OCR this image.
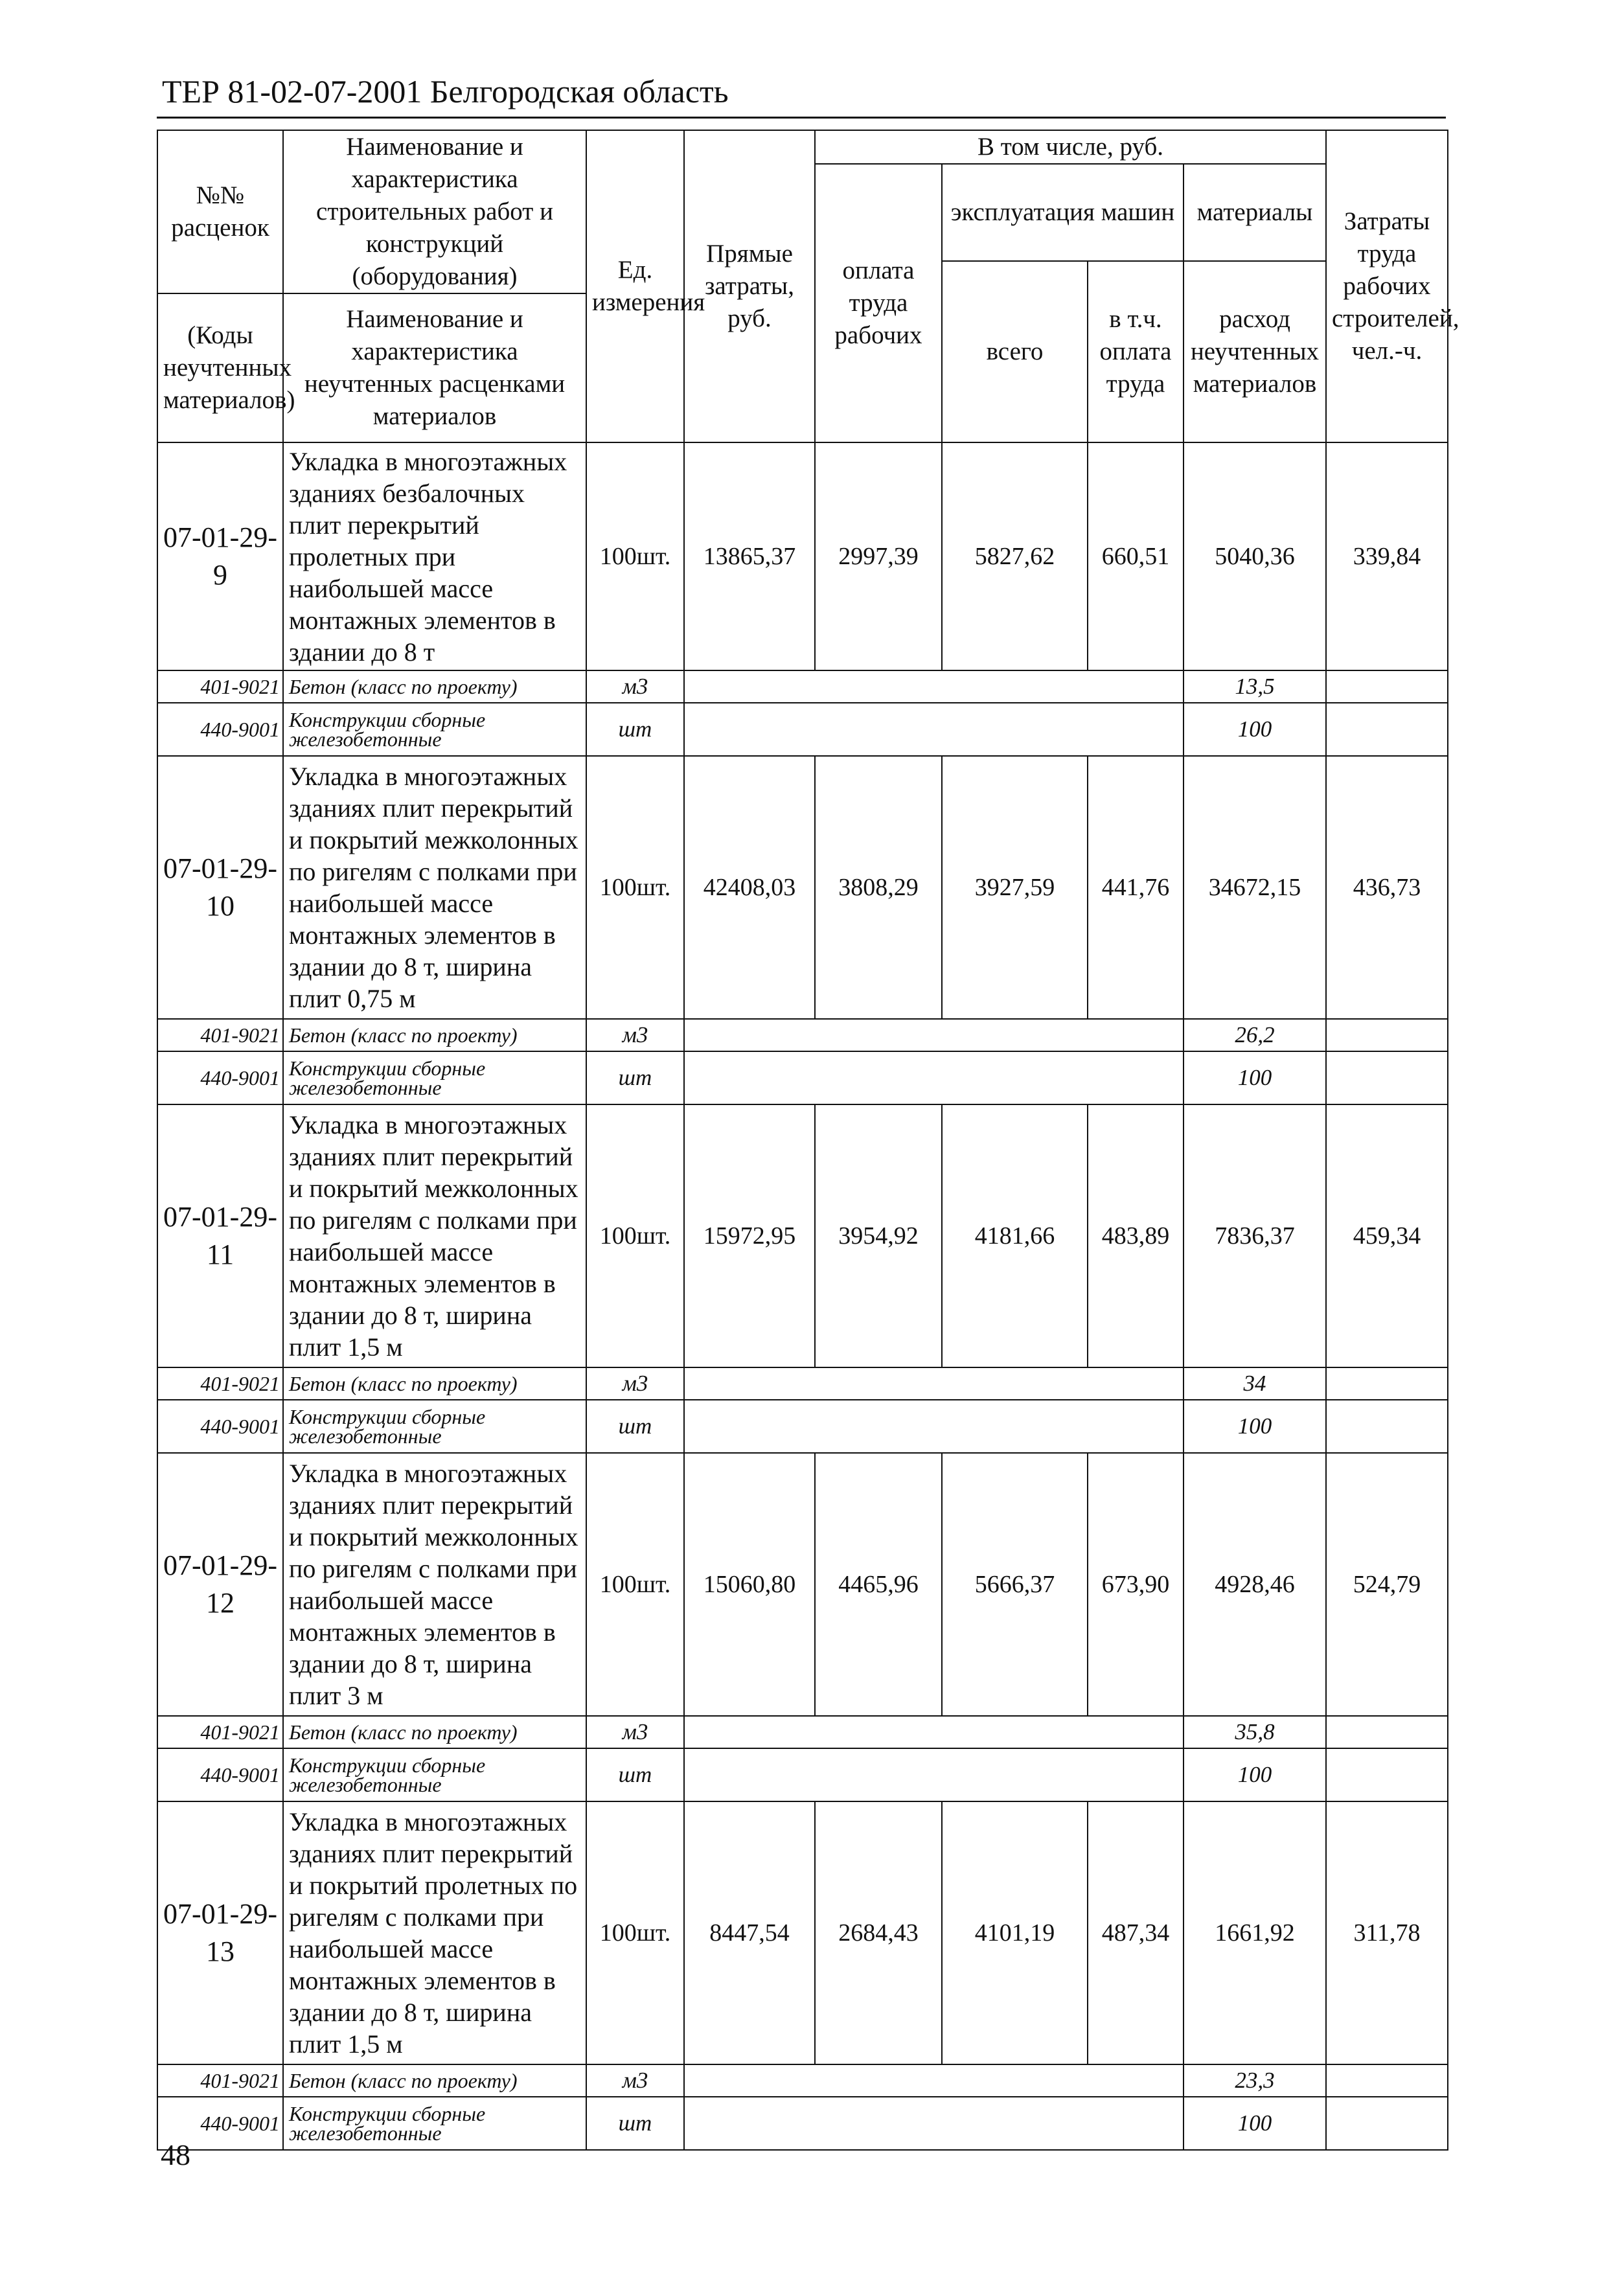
ТЕР 81-02-07-2001 Белгородская область
№№ расценок	Наименование и характеристика строительных работ и конструкций (оборудования)	Ед. измерения	Прямые затраты, руб.	В том числе, руб.				Затраты труда рабочих строителей, чел.-ч.
				оплата труда рабочих	эксплуатация машин		материалы	
					всего	в т.ч. оплата труда	расход неучтенных материалов	
(Коды неучтенных материалов)	Наименование и характеристика неучтенных расценками материалов							
07-01-29-9	Укладка в многоэтажных зданиях безбалочных плит перекрытий пролетных при наибольшей массе монтажных элементов в здании до 8 т	100шт.	13865,37	2997,39	5827,62	660,51	5040,36	339,84
401-9021	Бетон (класс по проекту)	м3					13,5	
440-9001	Конструкции сборные железобетонные	шт					100	
07-01-29-10	Укладка в многоэтажных зданиях плит перекрытий и покрытий межколонных по ригелям с полками при наибольшей массе монтажных элементов в здании до 8 т, ширина плит 0,75 м	100шт.	42408,03	3808,29	3927,59	441,76	34672,15	436,73
401-9021	Бетон (класс по проекту)	м3					26,2	
440-9001	Конструкции сборные железобетонные	шт					100	
07-01-29-11	Укладка в многоэтажных зданиях плит перекрытий и покрытий межколонных по ригелям с полками при наибольшей массе монтажных элементов в здании до 8 т, ширина плит 1,5 м	100шт.	15972,95	3954,92	4181,66	483,89	7836,37	459,34
401-9021	Бетон (класс по проекту)	м3					34	
440-9001	Конструкции сборные железобетонные	шт					100	
07-01-29-12	Укладка в многоэтажных зданиях плит перекрытий и покрытий межколонных по ригелям с полками при наибольшей массе монтажных элементов в здании до 8 т, ширина плит 3 м	100шт.	15060,80	4465,96	5666,37	673,90	4928,46	524,79
401-9021	Бетон (класс по проекту)	м3					35,8	
440-9001	Конструкции сборные железобетонные	шт					100	
07-01-29-13	Укладка в многоэтажных зданиях плит перекрытий и покрытий пролетных по ригелям с полками при наибольшей массе монтажных элементов в здании до 8 т, ширина плит 1,5 м	100шт.	8447,54	2684,43	4101,19	487,34	1661,92	311,78
401-9021	Бетон (класс по проекту)	м3					23,3	
440-9001	Конструкции сборные железобетонные	шт					100	
48
